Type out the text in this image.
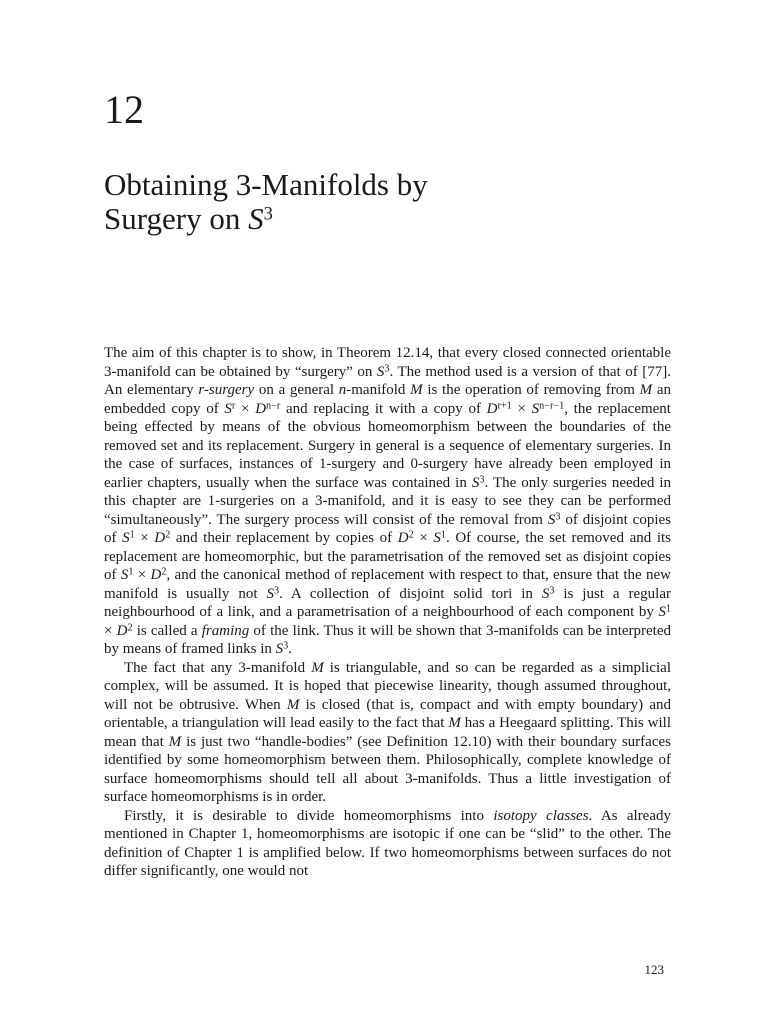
12
Obtaining 3-Manifolds by
Surgery on $S^3$

The aim of this chapter is to show, in Theorem 12.14, that every closed connected orientable 3-manifold can be obtained by “surgery” on $S^3$. The method used is a version of that of [77]. An elementary r-surgery on a general n-manifold M is the operation of removing from M an embedded copy of $S^r \times D^{n-r}$ and replacing it with a copy of $D^{r+1} \times S^{n-r-1}$, the replacement being effected by means of the obvious homeomorphism between the boundaries of the removed set and its replacement. Surgery in general is a sequence of elementary surgeries. In the case of surfaces, instances of 1-surgery and 0-surgery have already been employed in earlier chapters, usually when the surface was contained in $S^3$. The only surgeries needed in this chapter are 1-surgeries on a 3-manifold, and it is easy to see they can be performed “simultaneously”. The surgery process will consist of the removal from $S^3$ of disjoint copies of $S^1 \times D^2$ and their replacement by copies of $D^2 \times S^1$. Of course, the set removed and its replacement are homeomorphic, but the parametrisation of the removed set as disjoint copies of $S^1 \times D^2$, and the canonical method of replacement with respect to that, ensure that the new manifold is usually not $S^3$. A collection of disjoint solid tori in $S^3$ is just a regular neighbourhood of a link, and a parametrisation of a neighbourhood of each component by $S^1 \times D^2$ is called a framing of the link. Thus it will be shown that 3-manifolds can be interpreted by means of framed links in $S^3$.

The fact that any 3-manifold M is triangulable, and so can be regarded as a simplicial complex, will be assumed. It is hoped that piecewise linearity, though assumed throughout, will not be obtrusive. When M is closed (that is, compact and with empty boundary) and orientable, a triangulation will lead easily to the fact that M has a Heegaard splitting. This will mean that M is just two “handle-bodies” (see Definition 12.10) with their boundary surfaces identified by some homeomorphism between them. Philosophically, complete knowledge of surface homeomorphisms should tell all about 3-manifolds. Thus a little investigation of surface homeomorphisms is in order.

Firstly, it is desirable to divide homeomorphisms into isotopy classes. As already mentioned in Chapter 1, homeomorphisms are isotopic if one can be “slid” to the other. The definition of Chapter 1 is amplified below. If two homeomorphisms between surfaces do not differ significantly, one would not

123
